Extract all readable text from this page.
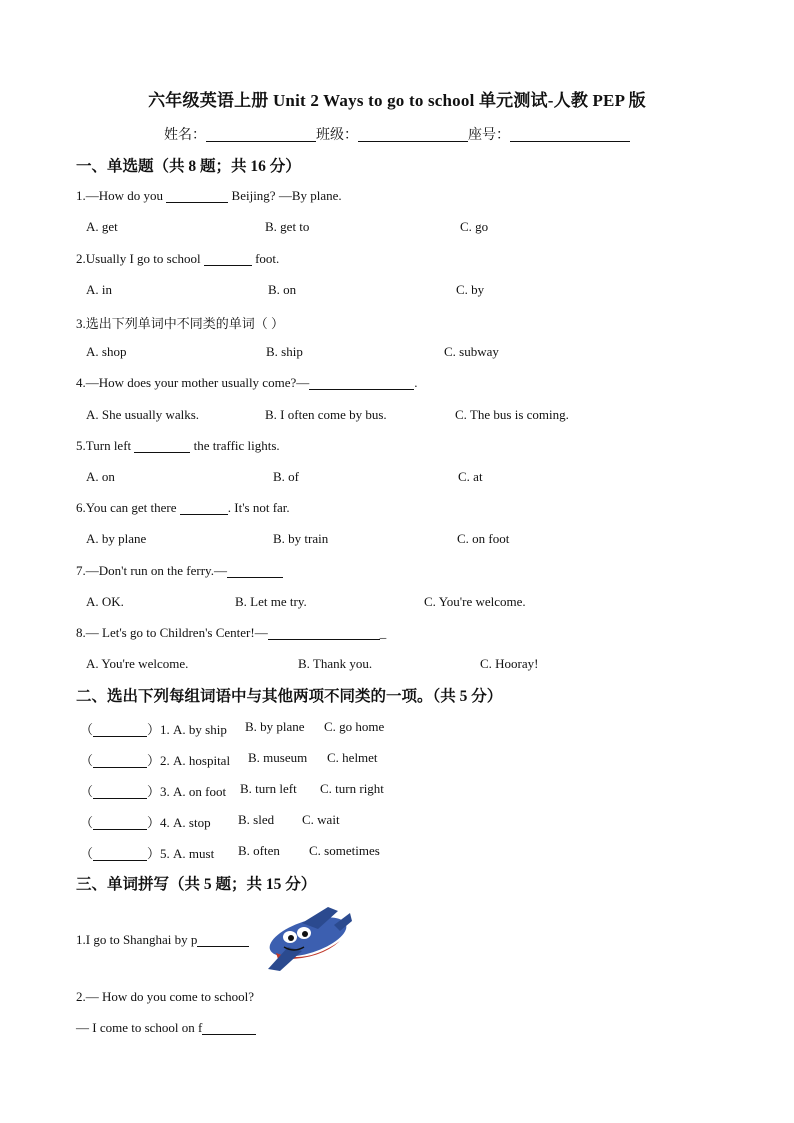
六年级英语上册 Unit 2 Ways to go to school 单元测试-人教 PEP 版
姓名：	班级：	座号：
一、单选题（共 8 题；共 16 分）
1.—How do you	Beijing? —By plane.
A. get	B. get to	C. go
2.Usually I go to school	foot.
A. in	B. on	C. by
3.选出下列单词中不同类的单词（ ）
A. shop	B. ship	C. subway
4.—How does your mother usually come?—	.
A. She usually walks.	B. I often come by bus.	C. The bus is coming.
5.Turn left	the traffic lights.
A. on	B. of	C. at
6.You can get there	. It's not far.
A. by plane	B. by train	C. on foot
7.—Don't run on the ferry.—
A. OK.	B. Let me try.	C. You're welcome.
8.— Let's go to Children's Center!—	_
A. You're welcome.	B. Thank you.	C. Hooray!
二、选出下列每组词语中与其他两项不同类的一项。（共 5 分）
（	）1. A. by ship B. by plane C. go home
（	）2. A. hospital B. museum C. helmet
（	）3. A. on foot B. turn left C. turn right
（	）4. A. stop B. sled C. wait
（	）5. A. must B. often C. sometimes
三、单词拼写（共 5 题；共 15 分）
1.I go to Shanghai by p
2.— How do you come to school?
— I come to school on f
